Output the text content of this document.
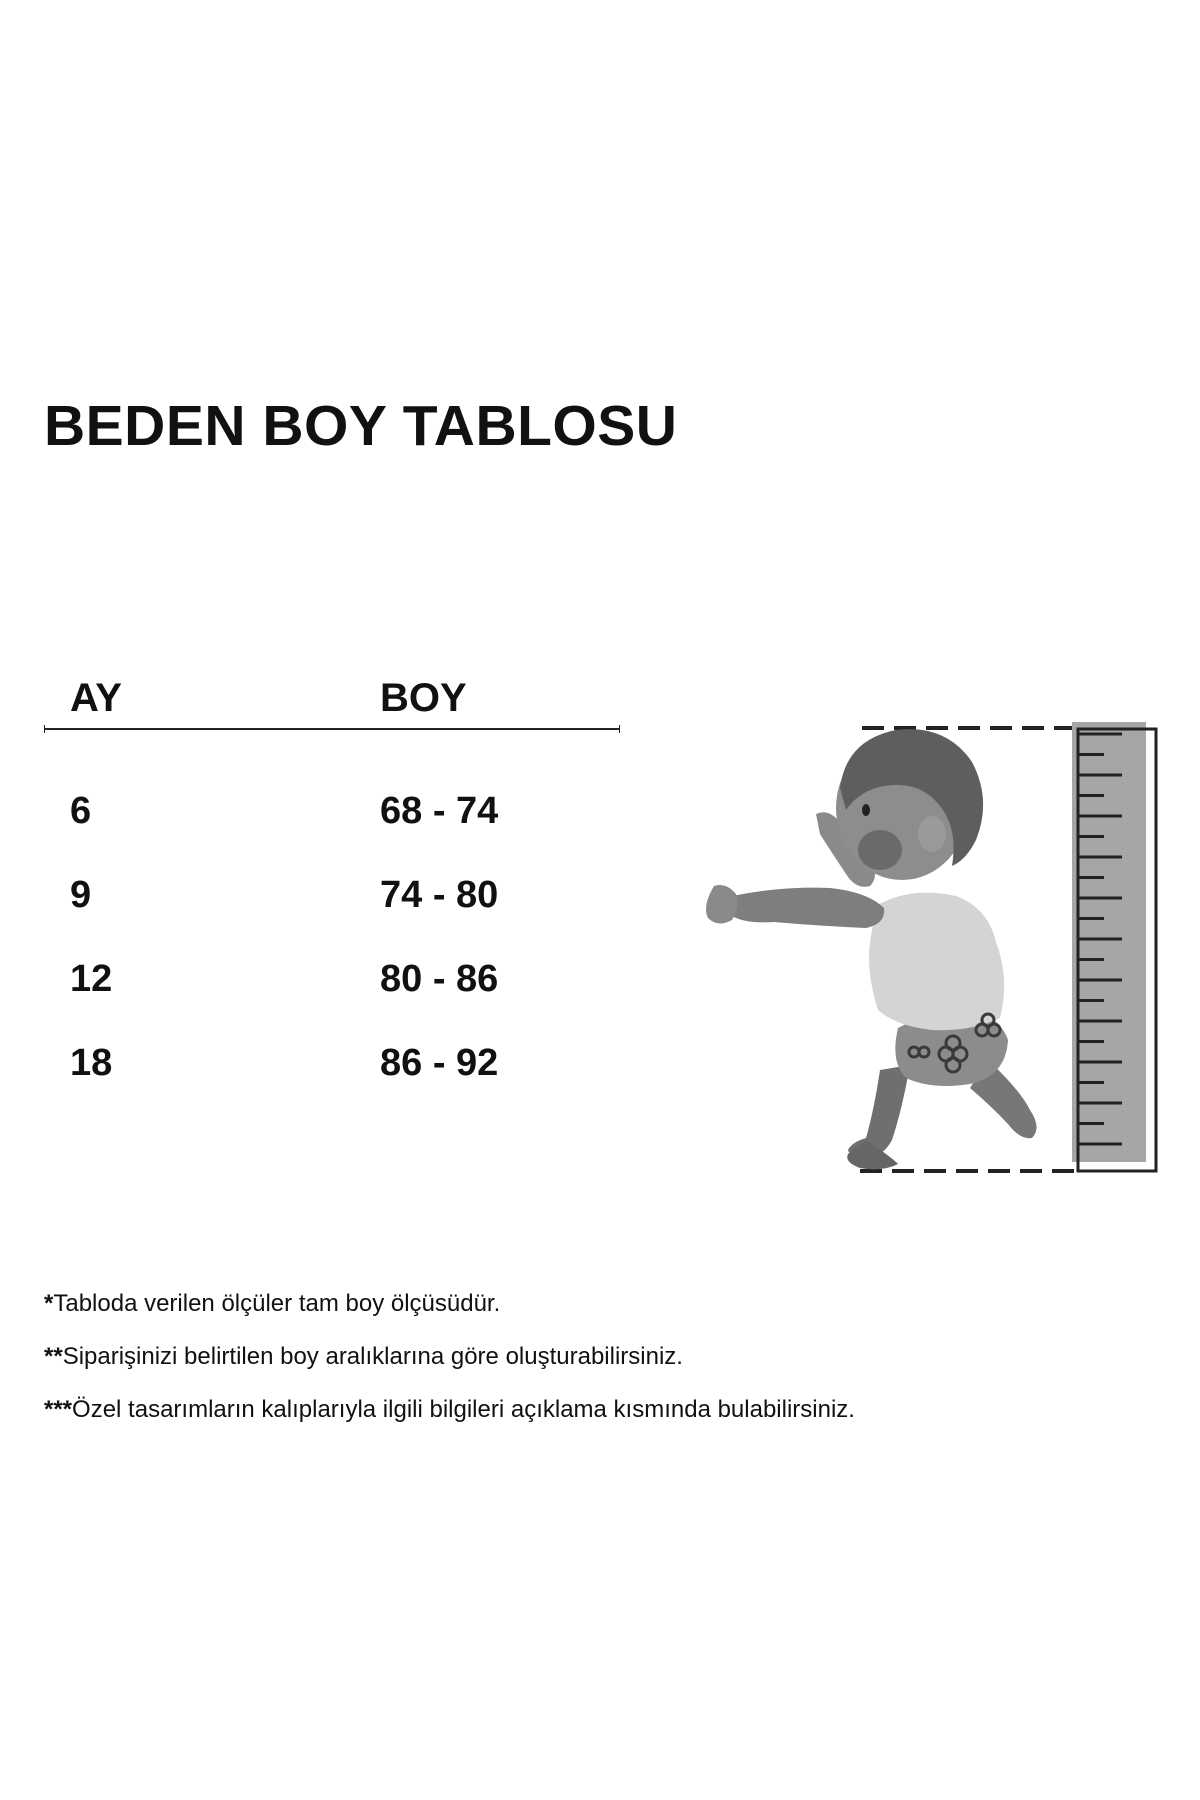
BEDEN BOY TABLOSU
AY	BOY
6	68 - 74
9	74 - 80
12	80 - 86
18	86 - 92
*Tabloda verilen ölçüler tam boy ölçüsüdür.
**Siparişinizi belirtilen boy aralıklarına göre oluşturabilirsiniz.
***Özel tasarımların kalıplarıyla ilgili bilgileri açıklama kısmında bulabilirsiniz.
